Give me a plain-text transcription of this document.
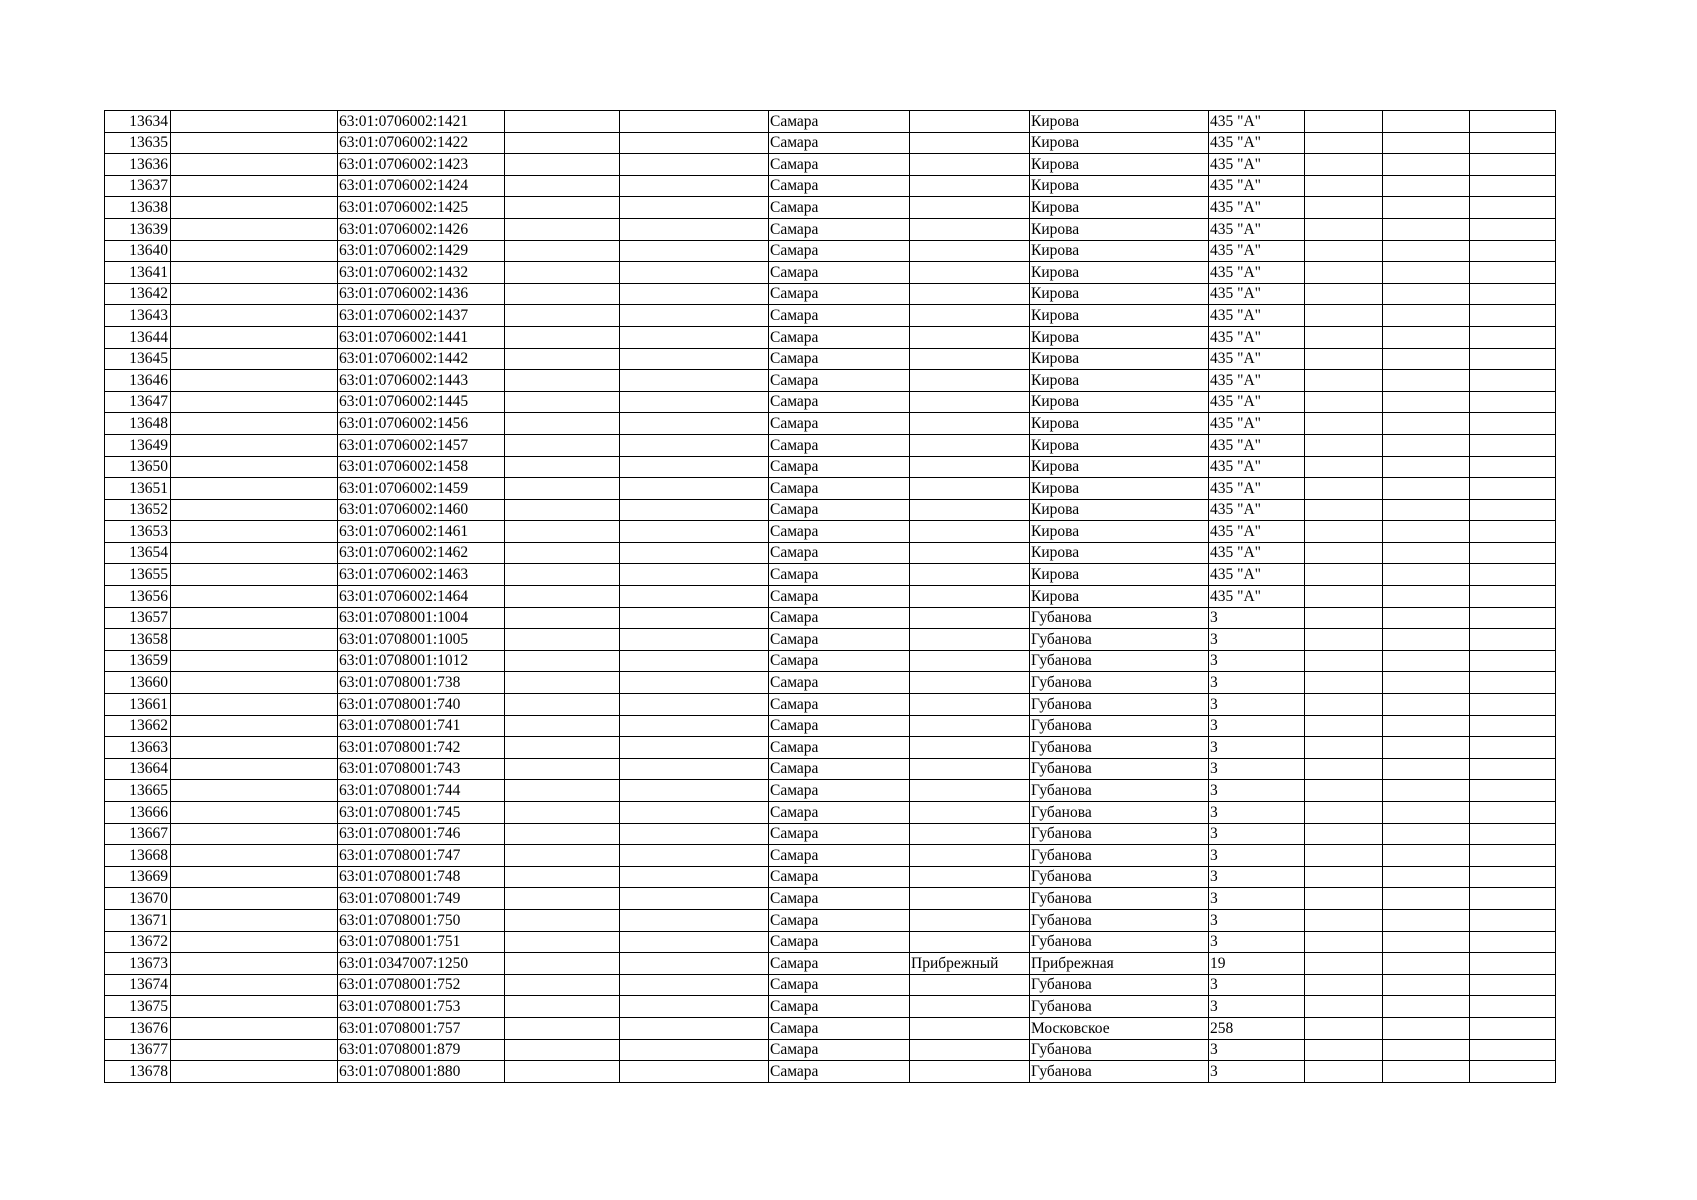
13634		63:01:0706002:1421			Самара		Кирова	435 "А"			
13635		63:01:0706002:1422			Самара		Кирова	435 "А"			
13636		63:01:0706002:1423			Самара		Кирова	435 "А"			
13637		63:01:0706002:1424			Самара		Кирова	435 "А"			
13638		63:01:0706002:1425			Самара		Кирова	435 "А"			
13639		63:01:0706002:1426			Самара		Кирова	435 "А"			
13640		63:01:0706002:1429			Самара		Кирова	435 "А"			
13641		63:01:0706002:1432			Самара		Кирова	435 "А"			
13642		63:01:0706002:1436			Самара		Кирова	435 "А"			
13643		63:01:0706002:1437			Самара		Кирова	435 "А"			
13644		63:01:0706002:1441			Самара		Кирова	435 "А"			
13645		63:01:0706002:1442			Самара		Кирова	435 "А"			
13646		63:01:0706002:1443			Самара		Кирова	435 "А"			
13647		63:01:0706002:1445			Самара		Кирова	435 "А"			
13648		63:01:0706002:1456			Самара		Кирова	435 "А"			
13649		63:01:0706002:1457			Самара		Кирова	435 "А"			
13650		63:01:0706002:1458			Самара		Кирова	435 "А"			
13651		63:01:0706002:1459			Самара		Кирова	435 "А"			
13652		63:01:0706002:1460			Самара		Кирова	435 "А"			
13653		63:01:0706002:1461			Самара		Кирова	435 "А"			
13654		63:01:0706002:1462			Самара		Кирова	435 "А"			
13655		63:01:0706002:1463			Самара		Кирова	435 "А"			
13656		63:01:0706002:1464			Самара		Кирова	435 "А"			
13657		63:01:0708001:1004			Самара		Губанова	3			
13658		63:01:0708001:1005			Самара		Губанова	3			
13659		63:01:0708001:1012			Самара		Губанова	3			
13660		63:01:0708001:738			Самара		Губанова	3			
13661		63:01:0708001:740			Самара		Губанова	3			
13662		63:01:0708001:741			Самара		Губанова	3			
13663		63:01:0708001:742			Самара		Губанова	3			
13664		63:01:0708001:743			Самара		Губанова	3			
13665		63:01:0708001:744			Самара		Губанова	3			
13666		63:01:0708001:745			Самара		Губанова	3			
13667		63:01:0708001:746			Самара		Губанова	3			
13668		63:01:0708001:747			Самара		Губанова	3			
13669		63:01:0708001:748			Самара		Губанова	3			
13670		63:01:0708001:749			Самара		Губанова	3			
13671		63:01:0708001:750			Самара		Губанова	3			
13672		63:01:0708001:751			Самара		Губанова	3			
13673		63:01:0347007:1250			Самара	Прибрежный	Прибрежная	19			
13674		63:01:0708001:752			Самара		Губанова	3			
13675		63:01:0708001:753			Самара		Губанова	3			
13676		63:01:0708001:757			Самара		Московское	258			
13677		63:01:0708001:879			Самара		Губанова	3			
13678		63:01:0708001:880			Самара		Губанова	3			
